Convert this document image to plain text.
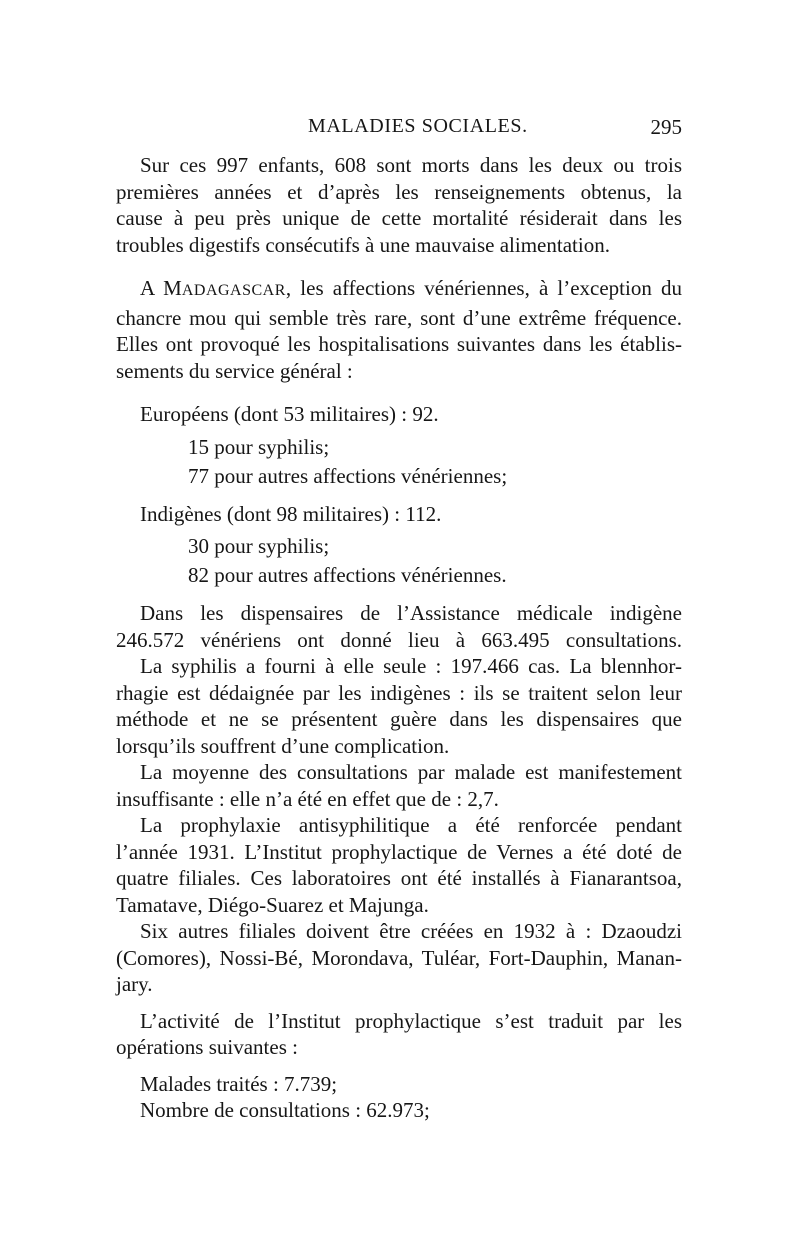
MALADIES SOCIALES.	295

Sur ces 997 enfants, 608 sont morts dans les deux ou trois

premières années et d’après les renseignements obtenus, la

cause à peu près unique de cette mortalité résiderait dans les

troubles digestifs consécutifs à une mauvaise alimentation.

A MADAGASCAR, les affections vénériennes, à l’exception du

chancre mou qui semble très rare, sont d’une extrême fréquence.

Elles ont provoqué les hospitalisations suivantes dans les établis-

sements du service général :

Européens (dont 53 militaires) : 92.

15 pour syphilis;

77 pour autres affections vénériennes;

Indigènes (dont 98 militaires) : 112.

30 pour syphilis;

82 pour autres affections vénériennes.

Dans les dispensaires de l’Assistance médicale indigène

246.572 vénériens ont donné lieu à 663.495 consultations.

La syphilis a fourni à elle seule : 197.466 cas. La blennhor-

rhagie est dédaignée par les indigènes : ils se traitent selon leur

méthode et ne se présentent guère dans les dispensaires que

lorsqu’ils souffrent d’une complication.

La moyenne des consultations par malade est manifestement

insuffisante : elle n’a été en effet que de : 2,7.

La prophylaxie antisyphilitique a été renforcée pendant

l’année 1931. L’Institut prophylactique de Vernes a été doté de

quatre filiales. Ces laboratoires ont été installés à Fianarantsoa,

Tamatave, Diégo-Suarez et Majunga.

Six autres filiales doivent être créées en 1932 à : Dzaoudzi

(Comores), Nossi-Bé, Morondava, Tuléar, Fort-Dauphin, Manan-

jary.

L’activité de l’Institut prophylactique s’est traduit par les

opérations suivantes :

Malades traités : 7.739;

Nombre de consultations : 62.973;
